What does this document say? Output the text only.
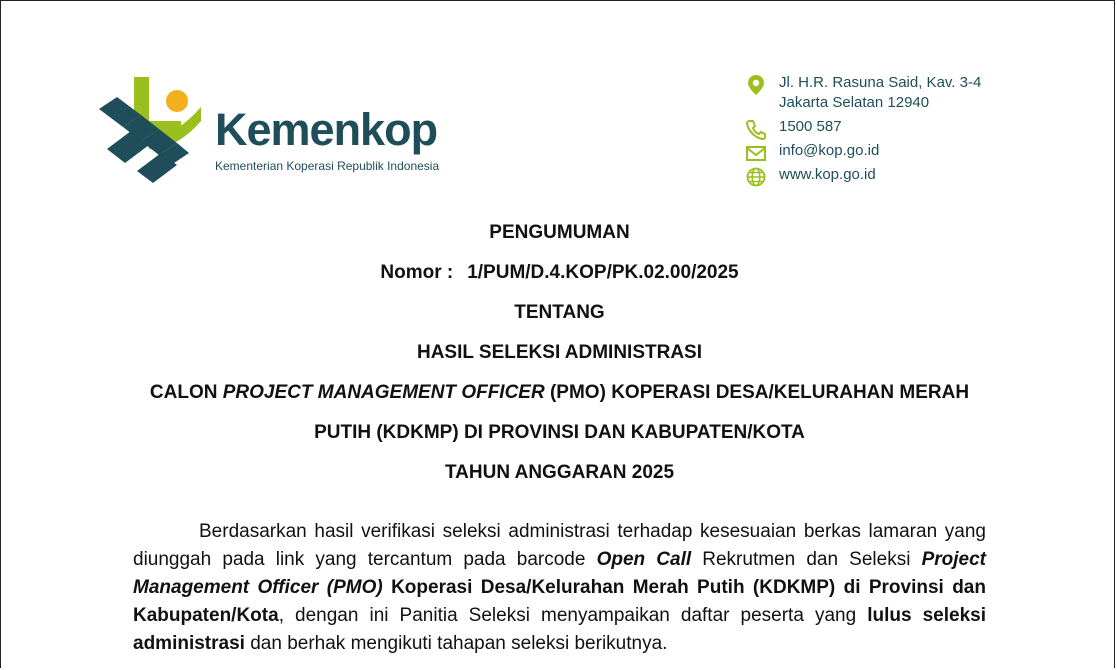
Kemenkop
Kementerian Koperasi Republik Indonesia
Jl. H.R. Rasuna Said, Kav. 3-4
Jakarta Selatan 12940
1500 587
info@kop.go.id
www.kop.go.id
PENGUMUMAN
Nomor : 1/PUM/D.4.KOP/PK.02.00/2025
TENTANG
HASIL SELEKSI ADMINISTRASI
CALON PROJECT MANAGEMENT OFFICER (PMO) KOPERASI DESA/KELURAHAN MERAH
PUTIH (KDKMP) DI PROVINSI DAN KABUPATEN/KOTA
TAHUN ANGGARAN 2025
Berdasarkan hasil verifikasi seleksi administrasi terhadap kesesuaian berkas lamaran yang diunggah pada link yang tercantum pada barcode Open Call Rekrutmen dan Seleksi Project Management Officer (PMO) Koperasi Desa/Kelurahan Merah Putih (KDKMP) di Provinsi dan Kabupaten/Kota, dengan ini Panitia Seleksi menyampaikan daftar peserta yang lulus seleksi administrasi dan berhak mengikuti tahapan seleksi berikutnya.
